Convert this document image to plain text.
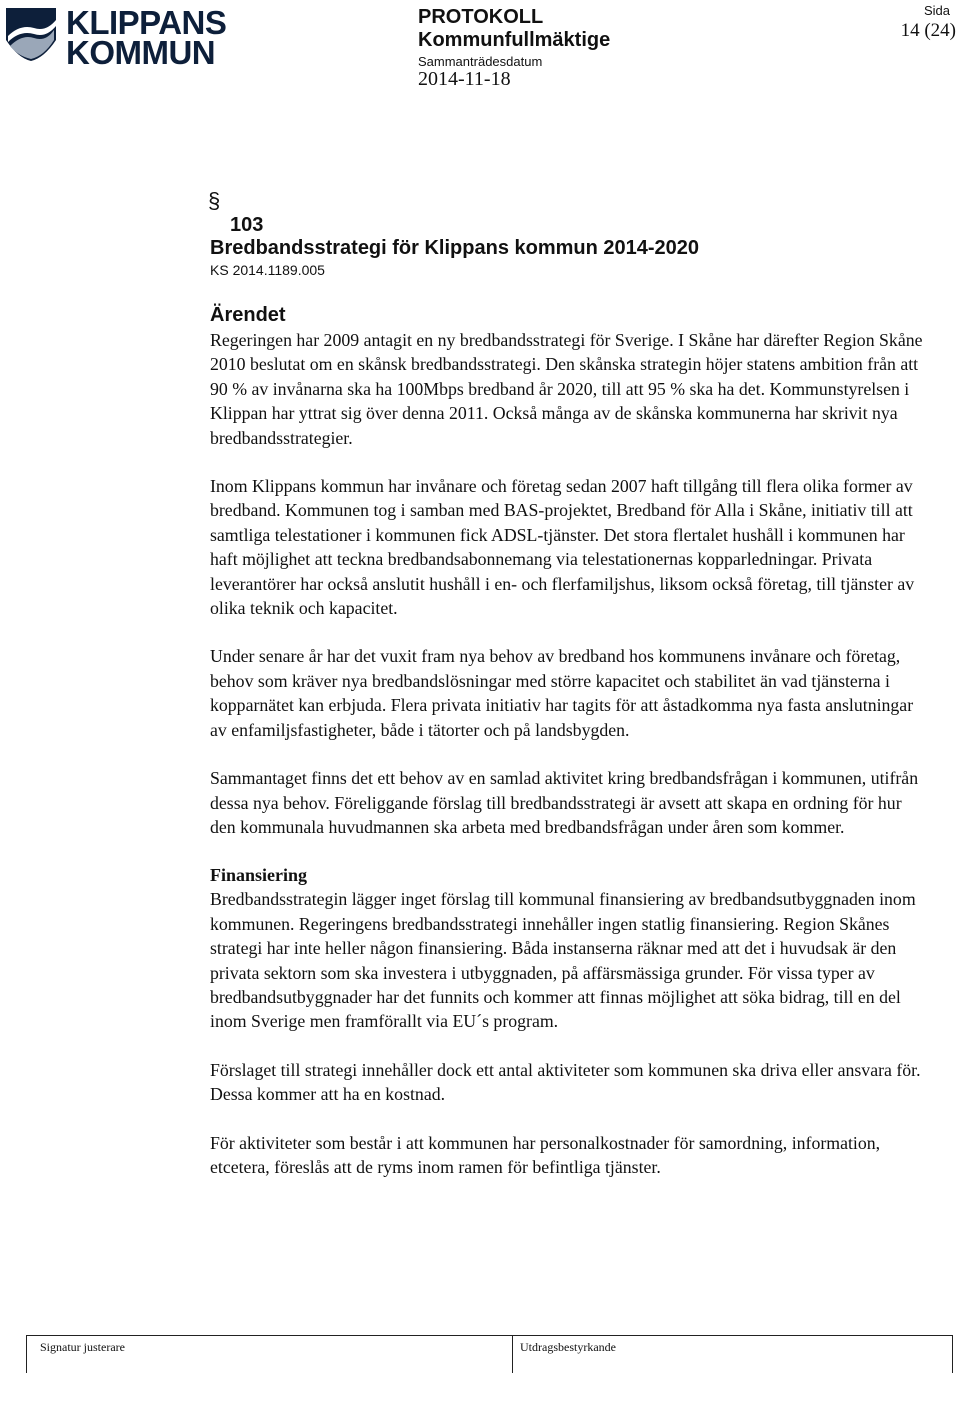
KLIPPANS
KOMMUN
PROTOKOLL
Kommunfullmäktige
Sammanträdesdatum
2014-11-18
Sida
14 (24)
§
103
Bredbandsstrategi för Klippans kommun 2014-2020
KS 2014.1189.005
Ärendet

Regeringen har 2009 antagit en ny bredbandsstrategi för Sverige. I Skåne har därefter Region Skåne 2010 beslutat om en skånsk bredbandsstrategi. Den skånska strategin höjer statens ambition från att 90 % av invånarna ska ha 100Mbps bredband år 2020, till att 95 % ska ha det. Kommunstyrelsen i Klippan har yttrat sig över denna 2011. Också många av de skånska kommunerna har skrivit nya bredbandsstrategier.

Inom Klippans kommun har invånare och företag sedan 2007 haft tillgång till flera olika former av bredband. Kommunen tog i samban med BAS-projektet, Bredband för Alla i Skåne, initiativ till att samtliga telestationer i kommunen fick ADSL-tjänster. Det stora flertalet hushåll i kommunen har haft möjlighet att teckna bredbandsabonnemang via telestationernas kopparledningar. Privata leverantörer har också anslutit hushåll i en- och flerfamiljshus, liksom också företag, till tjänster av olika teknik och kapacitet.

Under senare år har det vuxit fram nya behov av bredband hos kommunens invånare och företag, behov som kräver nya bredbandslösningar med större kapacitet och stabilitet än vad tjänsterna i kopparnätet kan erbjuda. Flera privata initiativ har tagits för att åstadkomma nya fasta anslutningar av enfamiljsfastigheter, både i tätorter och på landsbygden.

Sammantaget finns det ett behov av en samlad aktivitet kring bredbandsfrågan i kommunen, utifrån dessa nya behov. Föreliggande förslag till bredbandsstrategi är avsett att skapa en ordning för hur den kommunala huvudmannen ska arbeta med bredbandsfrågan under åren som kommer.

Finansiering

Bredbandsstrategin lägger inget förslag till kommunal finansiering av bredbandsutbyggnaden inom kommunen. Regeringens bredbandsstrategi innehåller ingen statlig finansiering. Region Skånes strategi har inte heller någon finansiering. Båda instanserna räknar med att det i huvudsak är den privata sektorn som ska investera i utbyggnaden, på affärsmässiga grunder. För vissa typer av bredbandsutbyggnader har det funnits och kommer att finnas möjlighet att söka bidrag, till en del inom Sverige men framförallt via EU´s program.

Förslaget till strategi innehåller dock ett antal aktiviteter som kommunen ska driva eller ansvara för. Dessa kommer att ha en kostnad.

För aktiviteter som består i att kommunen har personalkostnader för samordning, information, etcetera, föreslås att de ryms inom ramen för befintliga tjänster.

Signatur justerare	Utdragsbestyrkande
